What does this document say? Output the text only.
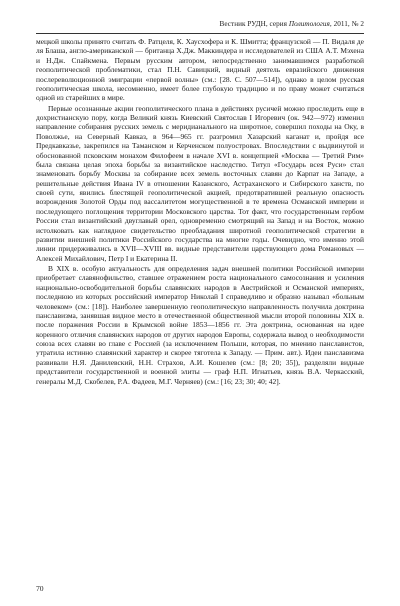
Вестник РУДН, серия Политология, 2011, № 2

мецкой школы принято считать Ф. Ратцеля, К. Хаусхофера и К. Шмитта; французской — П. Видаля де ля Блаша, англо-американской — британца Х.Дж. Маккиндера и исследователей из США А.Т. Мэхена и Н.Дж. Спайкмена. Первым русским автором, непосредственно занимавшимся разработкой геополитической проблематики, стал П.Н. Савицкий, видный деятель евразийского движения послереволюционной эмиграции «первой волны» (см.: [28. С. 507—514]), однако в целом русская геополитическая школа, несомненно, имеет более глубокую традицию и по праву может считаться одной из старейших в мире.

Первые осознанные акции геополитического плана в действиях русичей можно проследить еще в дохристианскую пору, когда Великий князь Киевский Святослав I Игоревич (ок. 942—972) изменил направление собирания русских земель с меридианального на широтное, совершил походы на Оку, в Поволжье, на Северный Кавказ, в 964—965 гг. разгромил Хазарский каганат и, пройдя все Предкавказье, закрепился на Таманском и Керченском полуостровах. Впоследствии с выдвинутой и обоснованной псковским монахом Филофеем в начале XVI в. концепцией «Москва — Третий Рим» была связана целая эпоха борьбы за византийское наследство. Титул «Государь всея Руси» стал знаменовать борьбу Москвы за собирание всех земель восточных славян до Карпат на Западе, а решительные действия Ивана IV в отношении Казанского, Астраханского и Сибирского ханств, по своей сути, явились блестящей геополитической акцией, предотвратившей реальную опасность возрождения Золотой Орды под вассалитетом могущественной в те времена Османской империи и последующего поглощения территории Московского царства. Тот факт, что государственным гербом России стал византийский двуглавый орел, одновременно смотрящий на Запад и на Восток, можно истолковать как наглядное свидетельство преобладания широтной геополитической стратегии в развитии внешней политики Российского государства на многие годы. Очевидно, что именно этой линии придерживались в XVII—XVIII вв. видные представители царствующего дома Романовых — Алексей Михайлович, Петр I и Екатерина II.

В XIX в. особую актуальность для определения задач внешней политики Российской империи приобретает славянофильство, ставшее отражением роста национального самосознания и усиления национально-освободительной борьбы славянских народов в Австрийской и Османской империях, последнюю из которых российский император Николай I справедливо и образно называл «больным человеком» (см.: [18]). Наиболее завершенную геополитическую направленность получила доктрина панславизма, занявшая видное место в отечественной общественной мысли второй половины XIX в. после поражения России в Крымской войне 1853—1856 гг. Эта доктрина, основанная на идее коренного отличия славянских народов от других народов Европы, содержала вывод о необходимости союза всех славян во главе с Россией (за исключением Польши, которая, по мнению панславистов, утратила истинно славянский характер и скорее тяготела к Западу. — Прим. авт.). Идеи панславизма развивали Н.Я. Данилевский, Н.Н. Страхов, А.И. Кошелев (см.: [8; 20; 35]), разделяли видные представители государственной и военной элиты — граф Н.П. Игнатьев, князь В.А. Черкасский, генералы М.Д. Скобелев, Р.А. Фадеев, М.Г. Черняев) (см.: [16; 23; 30; 40; 42].

70
